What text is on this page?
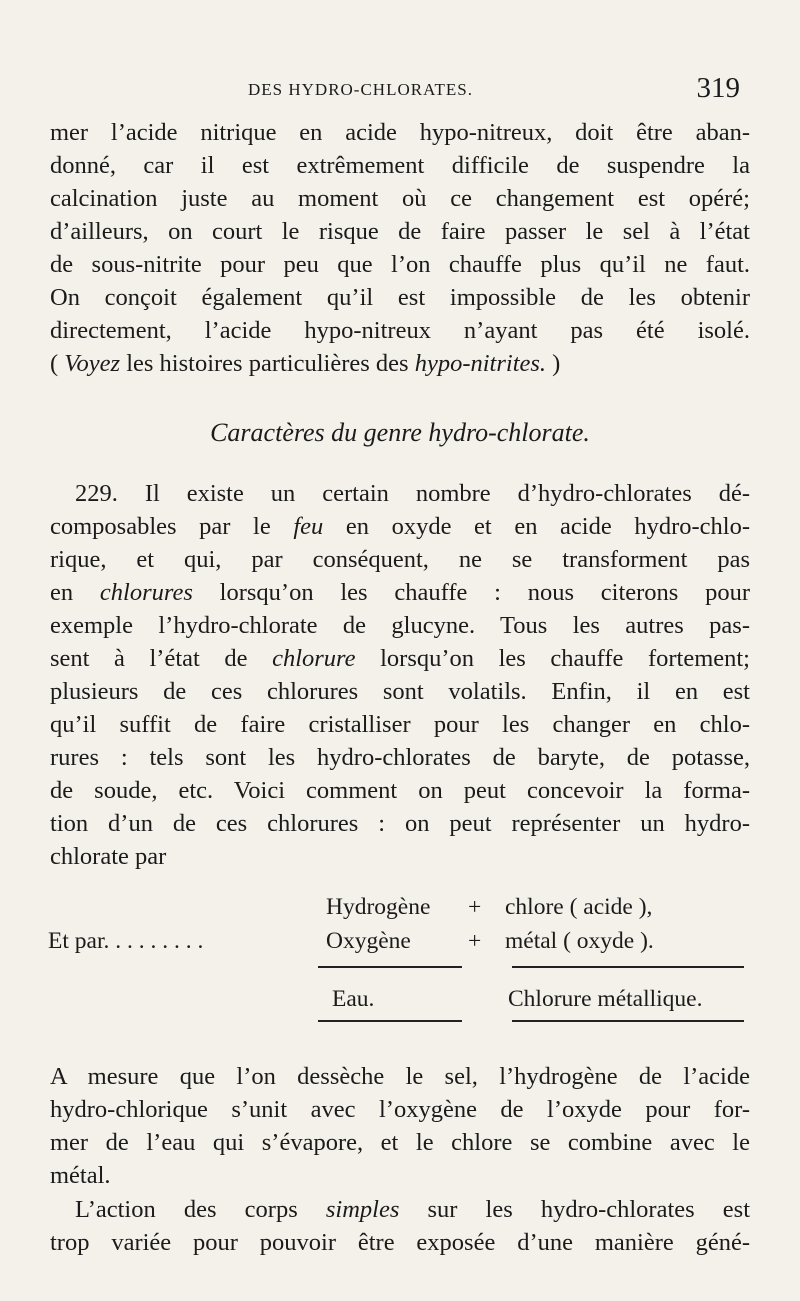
DES HYDRO-CHLORATES.	319
mer l’acide nitrique en acide hypo-nitreux, doit être aban-
donné, car il est extrêmement difficile de suspendre la
calcination juste au moment où ce changement est opéré;
d’ailleurs, on court le risque de faire passer le sel à l’état
de sous-nitrite pour peu que l’on chauffe plus qu’il ne faut.
On conçoit également qu’il est impossible de les obtenir
directement, l’acide hypo-nitreux n’ayant pas été isolé.
( Voyez les histoires particulières des hypo-nitrites. )
Caractères du genre hydro-chlorate.
229. Il existe un certain nombre d’hydro-chlorates dé-
composables par le feu en oxyde et en acide hydro-chlo-
rique, et qui, par conséquent, ne se transforment pas
en chlorures lorsqu’on les chauffe : nous citerons pour
exemple l’hydro-chlorate de glucyne. Tous les autres pas-
sent à l’état de chlorure lorsqu’on les chauffe fortement;
plusieurs de ces chlorures sont volatils. Enfin, il en est
qu’il suffit de faire cristalliser pour les changer en chlo-
rures : tels sont les hydro-chlorates de baryte, de potasse,
de soude, etc. Voici comment on peut concevoir la forma-
tion d’un de ces chlorures : on peut représenter un hydro-
chlorate par
Et par. . . . . . . . .
Hydrogène + chlore ( acide ),
Oxygène + métal ( oxyde ).
Eau.	Chlorure métallique.
A mesure que l’on dessèche le sel, l’hydrogène de l’acide
hydro-chlorique s’unit avec l’oxygène de l’oxyde pour for-
mer de l’eau qui s’évapore, et le chlore se combine avec le
métal.
L’action des corps simples sur les hydro-chlorates est
trop variée pour pouvoir être exposée d’une manière géné-
